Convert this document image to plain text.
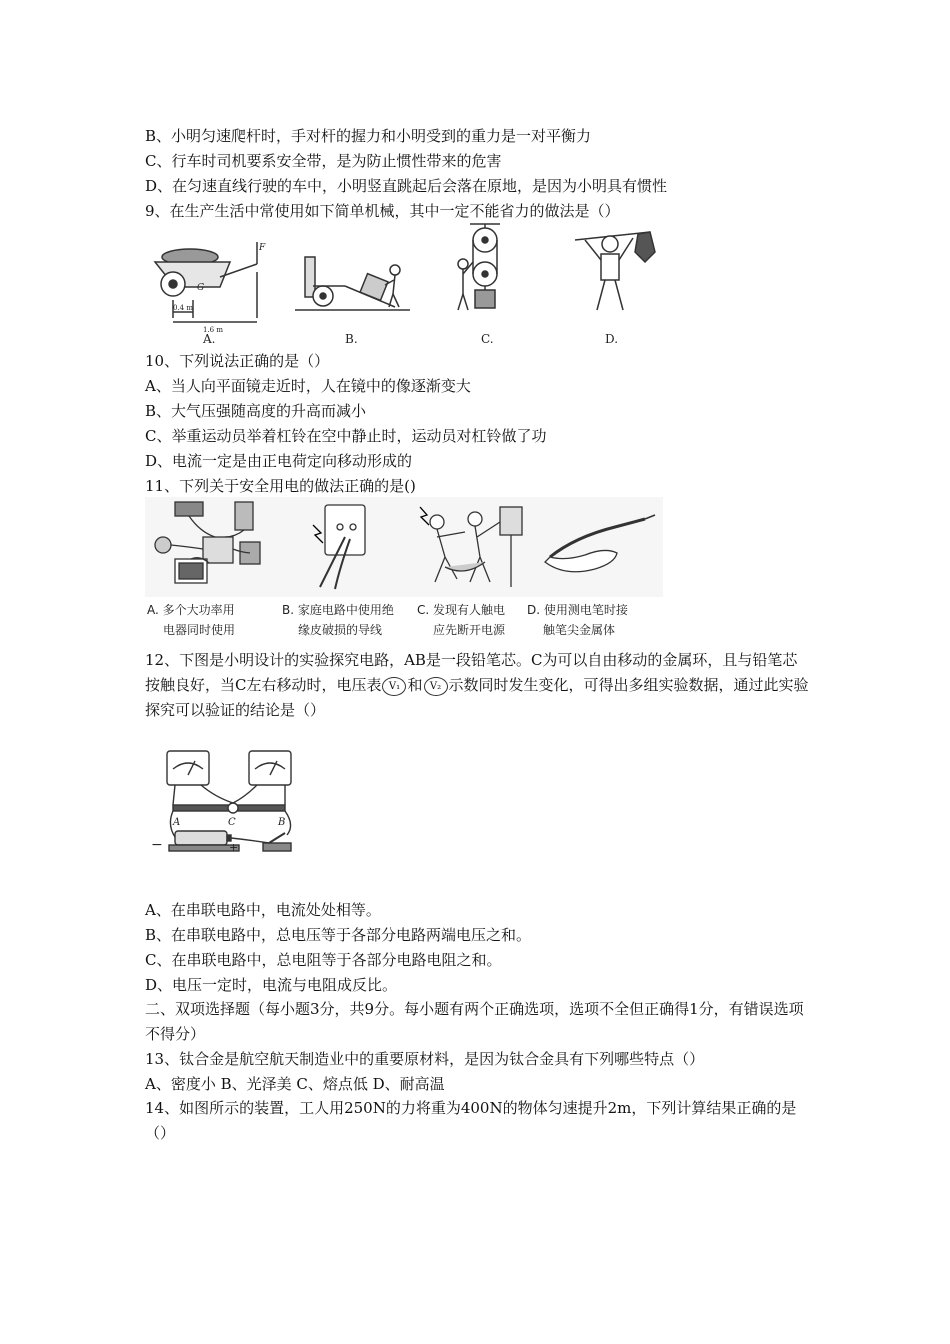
B、小明匀速爬杆时，手对杆的握力和小明受到的重力是一对平衡力
C、行车时司机要系安全带，是为防止惯性带来的危害
D、在匀速直线行驶的车中，小明竖直跳起后会落在原地，是因为小明具有惯性
9、在生产生活中常使用如下简单机械，其中一定不能省力的做法是（）
F
G
0.4 m
1.6 m
A.	B.	C.	D.
10、下列说法正确的是（）
A、当人向平面镜走近时，人在镜中的像逐渐变大
B、大气压强随高度的升高而减小
C、举重运动员举着杠铃在空中静止时，运动员对杠铃做了功
D、电流一定是由正电荷定向移动形成的
11、下列关于安全用电的做法正确的是()
A. 多个大功率用
电器同时使用
B. 家庭电路中使用绝
缘皮破损的导线
C. 发现有人触电
应先断开电源
D. 使用测电笔时接
触笔尖金属体
12、下图是小明设计的实验探究电路，AB是一段铅笔芯。C为可以自由移动的金属环，且与铅笔芯按触良好，当C左右移动时，电压表 V₁ 和 V₂ 示数同时发生变化，可得出多组实验数据，通过此实验探究可以验证的结论是（）
A	C	B
−	+
A、在串联电路中，电流处处相等。
B、在串联电路中，总电压等于各部分电路两端电压之和。
C、在串联电路中，总电阻等于各部分电路电阻之和。
D、电压一定时，电流与电阻成反比。
二、双项选择题（每小题3分，共9分。每小题有两个正确选项，选项不全但正确得1分，有错误选项不得分）
13、钛合金是航空航天制造业中的重要原材料，是因为钛合金具有下列哪些特点（）
A、密度小 B、光泽美 C、熔点低 D、耐高温
14、如图所示的装置，工人用250N的力将重为400N的物体匀速提升2m，下列计算结果正确的是（）
